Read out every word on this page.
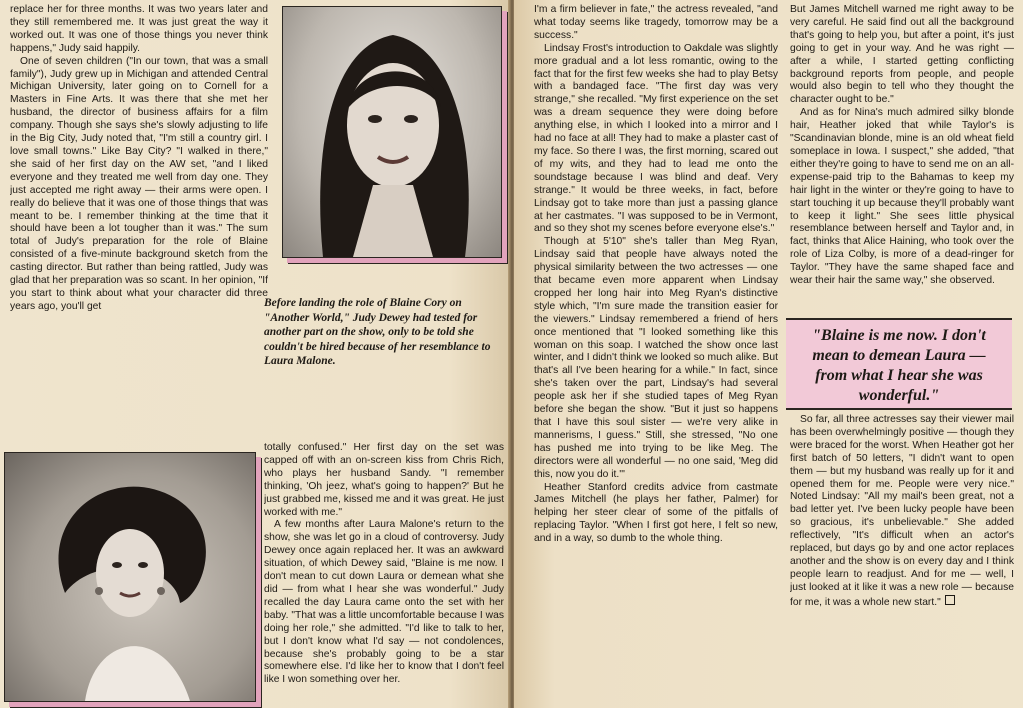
replace her for three months. It was two years later and they still remembered me. It was just great the way it worked out. It was one of those things you never think happens," Judy said happily.

One of seven children ("In our town, that was a small family"), Judy grew up in Michigan and attended Central Michigan University, later going on to Cornell for a Masters in Fine Arts. It was there that she met her husband, the director of business affairs for a film company. Though she says she's slowly adjusting to life in the Big City, Judy noted that, "I'm still a country girl. I love small towns." Like Bay City? "I walked in there," she said of her first day on the AW set, "and I liked everyone and they treated me well from day one. They just accepted me right away — their arms were open. I really do believe that it was one of those things that was meant to be. I remember thinking at the time that it should have been a lot tougher than it was." The sum total of Judy's preparation for the role of Blaine consisted of a five-minute background sketch from the casting director. But rather than being rattled, Judy was glad that her preparation was so scant. In her opinion, "If you start to think about what your character did three years ago, you'll get	Before landing the role of Blaine Cory on "Another World," Judy Dewey had tested for another part on the show, only to be told she couldn't be hired because of her resemblance to Laura Malone.

totally confused." Her first day on the set was capped off with an on-screen kiss from Chris Rich, who plays her husband Sandy. "I remember thinking, 'Oh jeez, what's going to happen?' But he just grabbed me, kissed me and it was great. He just worked with me."

A few months after Laura Malone's return to the show, she was let go in a cloud of controversy. Judy Dewey once again replaced her. It was an awkward situation, of which Dewey said, "Blaine is me now. I don't mean to cut down Laura or demean what she did — from what I hear she was wonderful." Judy recalled the day Laura came onto the set with her baby. "That was a little uncomfortable because I was doing her role," she admitted. "I'd like to talk to her, but I don't know what I'd say — not condolences, because she's probably going to be a star somewhere else. I'd like her to know that I don't feel like I won something over her.

I'm a firm believer in fate," the actress revealed, "and what today seems like tragedy, tomorrow may be a success."

Lindsay Frost's introduction to Oakdale was slightly more gradual and a lot less romantic, owing to the fact that for the first few weeks she had to play Betsy with a bandaged face. "The first day was very strange," she recalled. "My first experience on the set was a dream sequence they were doing before anything else, in which I looked into a mirror and I had no face at all! They had to make a plaster cast of my face. So there I was, the first morning, scared out of my wits, and they had to lead me onto the soundstage because I was blind and deaf. Very strange." It would be three weeks, in fact, before Lindsay got to take more than just a passing glance at her castmates. "I was supposed to be in Vermont, and so they shot my scenes before everyone else's."

Though at 5'10" she's taller than Meg Ryan, Lindsay said that people have always noted the physical similarity between the two actresses — one that became even more apparent when Lindsay cropped her long hair into Meg Ryan's distinctive style which, "I'm sure made the transition easier for the viewers." Lindsay remembered a friend of hers once mentioned that "I looked something like this woman on this soap. I watched the show once last winter, and I didn't think we looked so much alike. But that's all I've been hearing for a while." In fact, since she's taken over the part, Lindsay's had several people ask her if she studied tapes of Meg Ryan before she began the show. "But it just so happens that I have this soul sister — we're very alike in mannerisms, I guess." Still, she stressed, "No one has pushed me into trying to be like Meg. The directors were all wonderful — no one said, 'Meg did this, now you do it.'"

Heather Stanford credits advice from castmate James Mitchell (he plays her father, Palmer) for helping her steer clear of some of the pitfalls of replacing Taylor. "When I first got here, I felt so new, and in a way, so dumb to the whole thing.

But James Mitchell warned me right away to be very careful. He said find out all the background that's going to help you, but after a point, it's just going to get in your way. And he was right — after a while, I started getting conflicting background reports from people, and people would also begin to tell who they thought the character ought to be."

And as for Nina's much admired silky blonde hair, Heather joked that while Taylor's is "Scandinavian blonde, mine is an old wheat field someplace in Iowa. I suspect," she added, "that either they're going to have to send me on an all-expense-paid trip to the Bahamas to keep my hair light in the winter or they're going to have to start touching it up because they'll probably want to keep it light." She sees little physical resemblance between herself and Taylor and, in fact, thinks that Alice Haining, who took over the role of Liza Colby, is more of a dead-ringer for Taylor. "They have the same shaped face and wear their hair the same way," she observed.

"Blaine is me now. I don't mean to demean Laura — from what I hear she was wonderful."

So far, all three actresses say their viewer mail has been overwhelmingly positive — though they were braced for the worst. When Heather got her first batch of 50 letters, "I didn't want to open them — but my husband was really up for it and opened them for me. People were very nice." Noted Lindsay: "All my mail's been great, not a bad letter yet. I've been lucky people have been so gracious, it's unbelievable." She added reflectively, "It's difficult when an actor's replaced, but days go by and one actor replaces another and the show is on every day and I think people learn to readjust. And for me — well, I just looked at it like it was a new role — because for me, it was a whole new start."
